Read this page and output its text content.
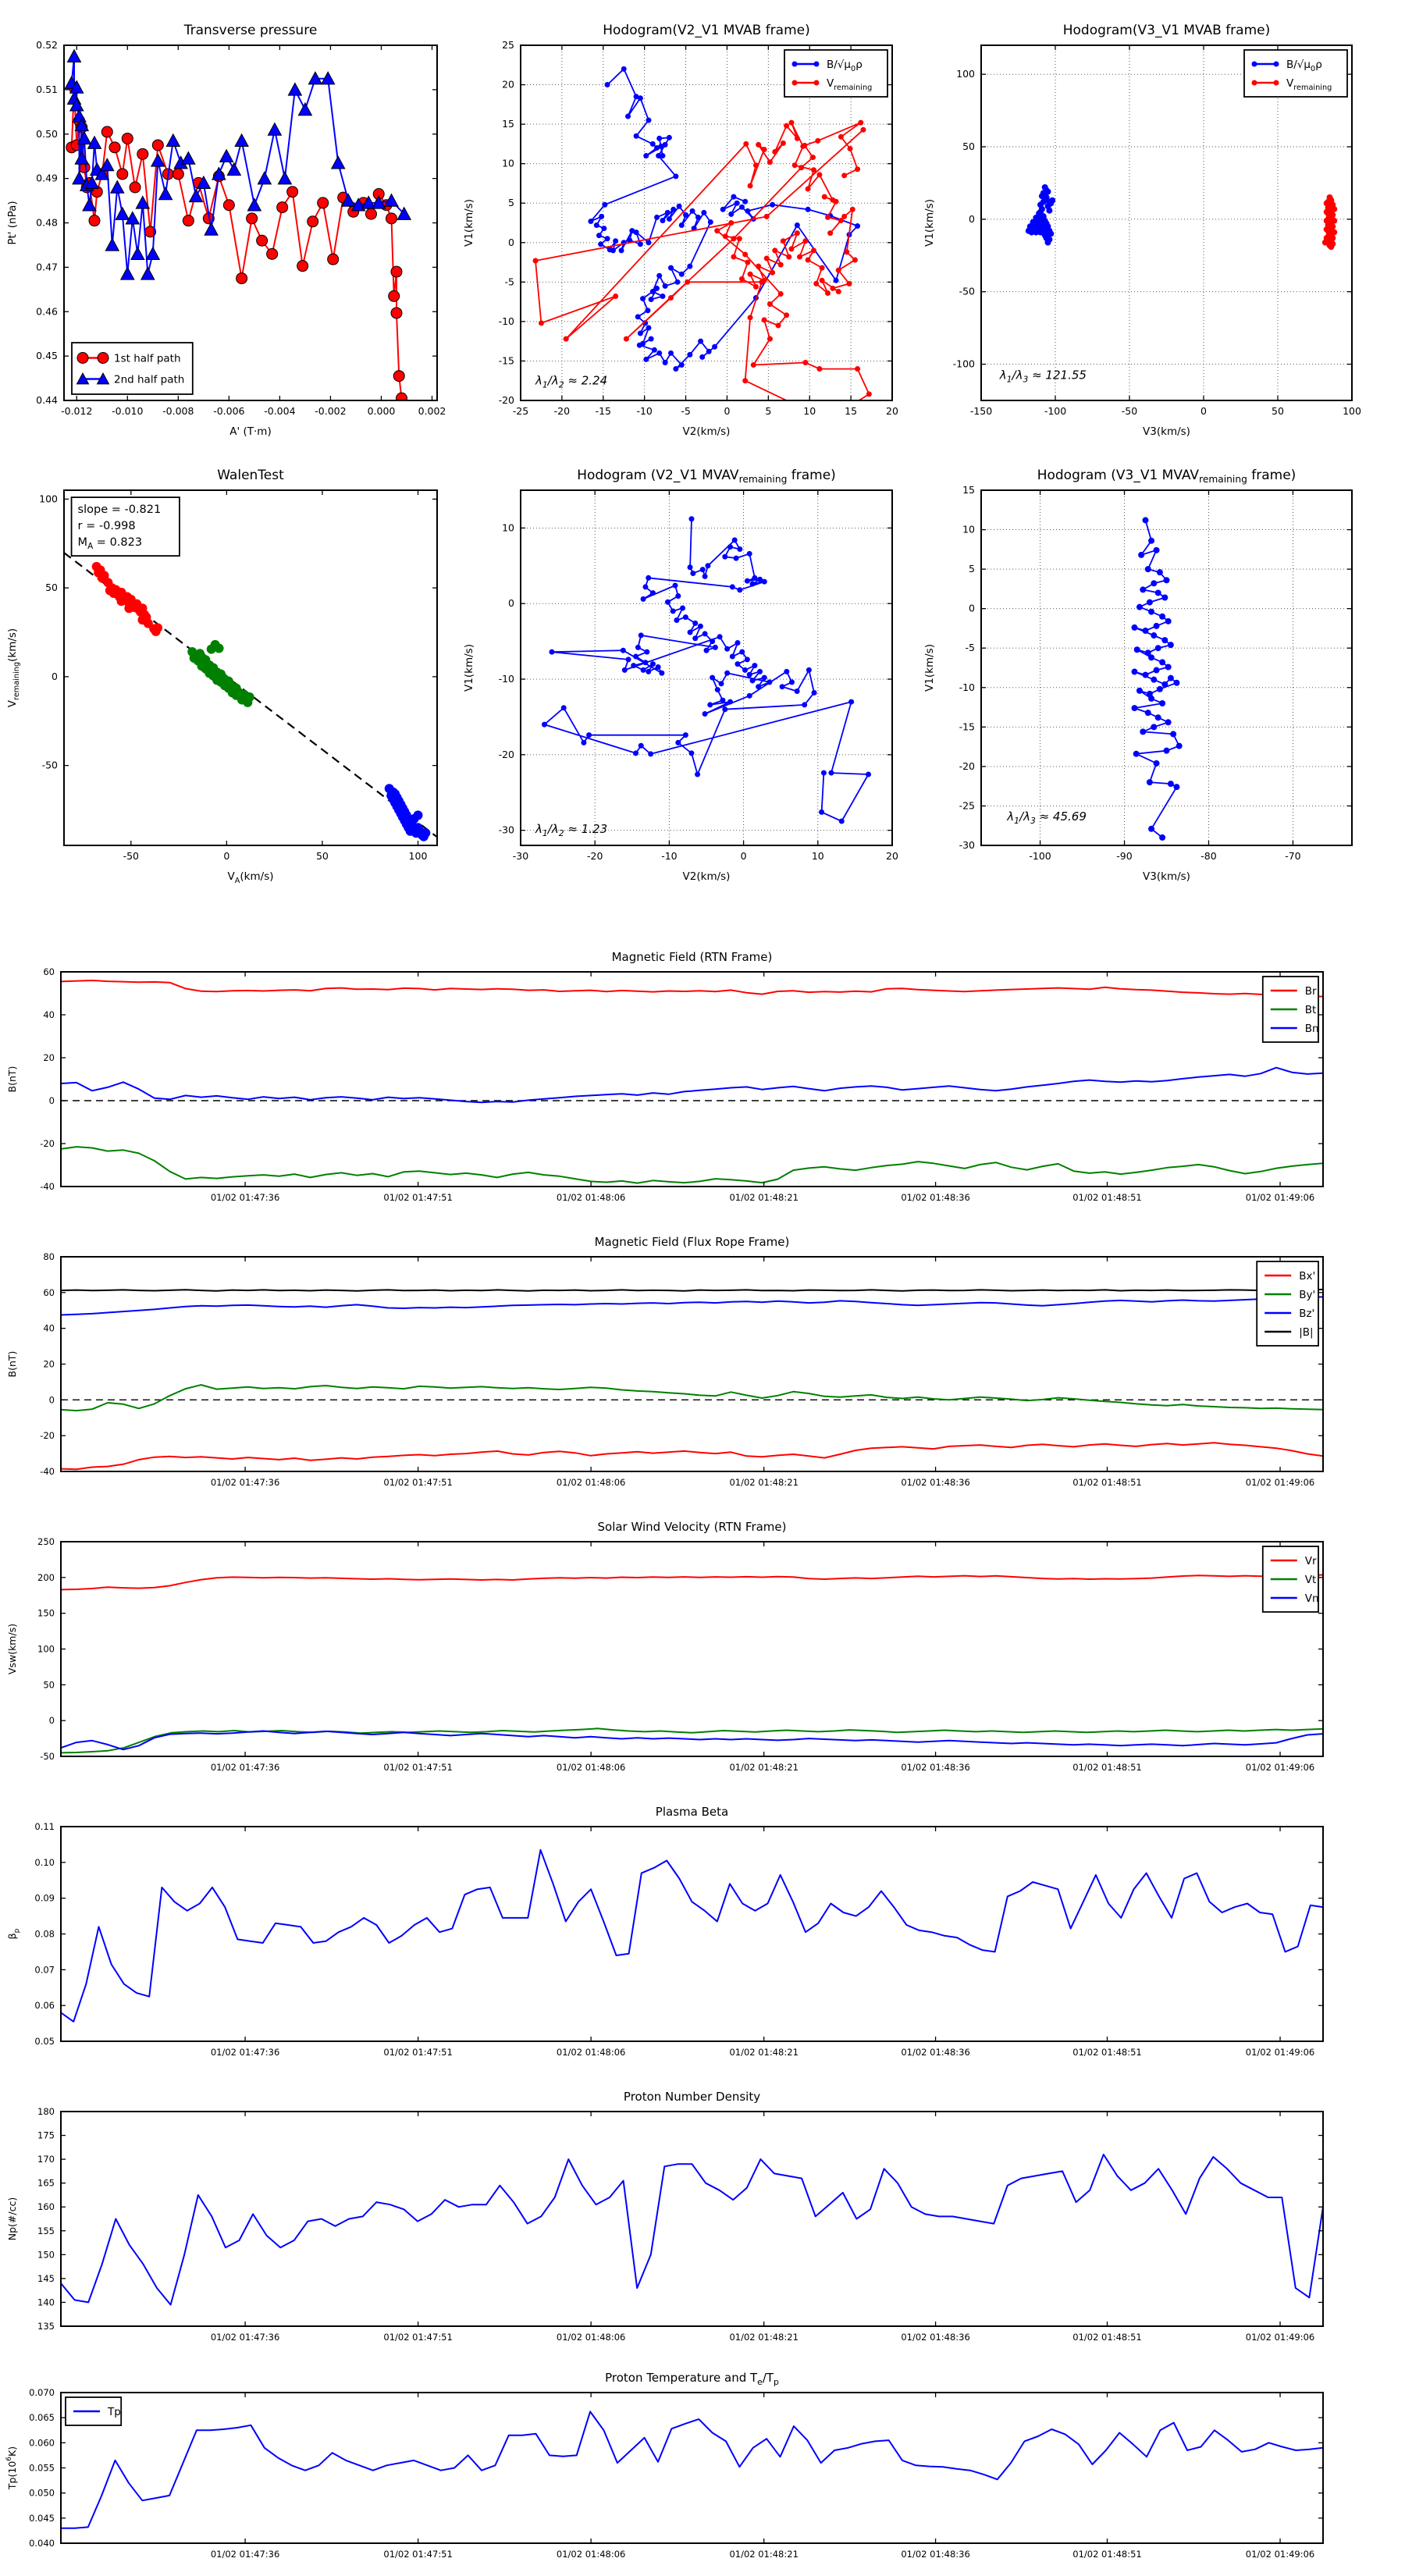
-0.012 -0.010 -0.008 -0.006 -0.004 -0.002 0.000 0.002
0.44
0.45
0.46
0.47
0.48
0.49
0.50
0.51
0.52
Transverse pressure
A' (T·m)
Pt' (nPa)
1st half path
2nd half path
-25	-20	-15	-10	-5	0	5	10	15	20
-20
-15
-10
-5
0
5
10
15
20
25
Hodogram(V2_V1 MVAB frame)
V2(km/s)
V1(km/s)
$B/√\mu_0\rho$
$V_{remaining}$
$\lambda_1/\lambda_2 \approx 2.24$
-150	-100	-50	0	50	100
-100
-50
0
50
100
Hodogram(V3_V1 MVAB frame)
V3(km/s)
V1(km/s)
$B/√\mu_0\rho$
$V_{remaining}$
$\lambda_1/\lambda_3 \approx 121.55$
-50	0	50	100
-50
0
50
100
WalenTest
$V_A(km/s)$
$V_{remaining}(km/s)$
slope = -0.821
r = -0.998
$M_A = 0.823$
-30	-20	-10	0	10	20
-30
-20
-10
0
10
Hodogram (V2_V1 $MVAV_{remaining}$ frame)
V2(km/s)
V1(km/s)
$\lambda_1/\lambda_2 \approx 1.23$
-100	-90	-80	-70
-30
-25
-20
-15
-10
-5
0
5
10
15
Hodogram (V3_V1 $MVAV_{remaining}$ frame)
V3(km/s)
V1(km/s)
$\lambda_1/\lambda_3 \approx 45.69$
01/02 01:47:36	01/02 01:47:51	01/02 01:48:06	01/02 01:48:21	01/02 01:48:36	01/02 01:48:51	01/02 01:49:06
-40
-20
0
20
40
60
Magnetic Field (RTN Frame)
B(nT)
Br
Bt
Bn
01/02 01:47:36	01/02 01:47:51	01/02 01:48:06	01/02 01:48:21	01/02 01:48:36	01/02 01:48:51	01/02 01:49:06
-40
-20
0
20
40
60
80
Magnetic Field (Flux Rope Frame)
B(nT)
Bx'
By'
Bz'
|B|
01/02 01:47:36	01/02 01:47:51	01/02 01:48:06	01/02 01:48:21	01/02 01:48:36	01/02 01:48:51	01/02 01:49:06
-50
0
50
100
150
200
250
Solar Wind Velocity (RTN Frame)
Vsw(km/s)
Vr
Vt
Vn
01/02 01:47:36	01/02 01:47:51	01/02 01:48:06	01/02 01:48:21	01/02 01:48:36	01/02 01:48:51	01/02 01:49:06
0.05
0.06
0.07
0.08
0.09
0.10
0.11
Plasma Beta
$\beta_p$
01/02 01:47:36	01/02 01:47:51	01/02 01:48:06	01/02 01:48:21	01/02 01:48:36	01/02 01:48:51	01/02 01:49:06
135
140
145
150
155
160
165
170
175
180
Proton Number Density
Np(#/cc)
01/02 01:47:36	01/02 01:47:51	01/02 01:48:06	01/02 01:48:21	01/02 01:48:36	01/02 01:48:51	01/02 01:49:06
0.040
0.045
0.050
0.055
0.060
0.065
0.070
Proton Temperature and $T_e/T_p$
$Tp(10^6K)$
Tp
